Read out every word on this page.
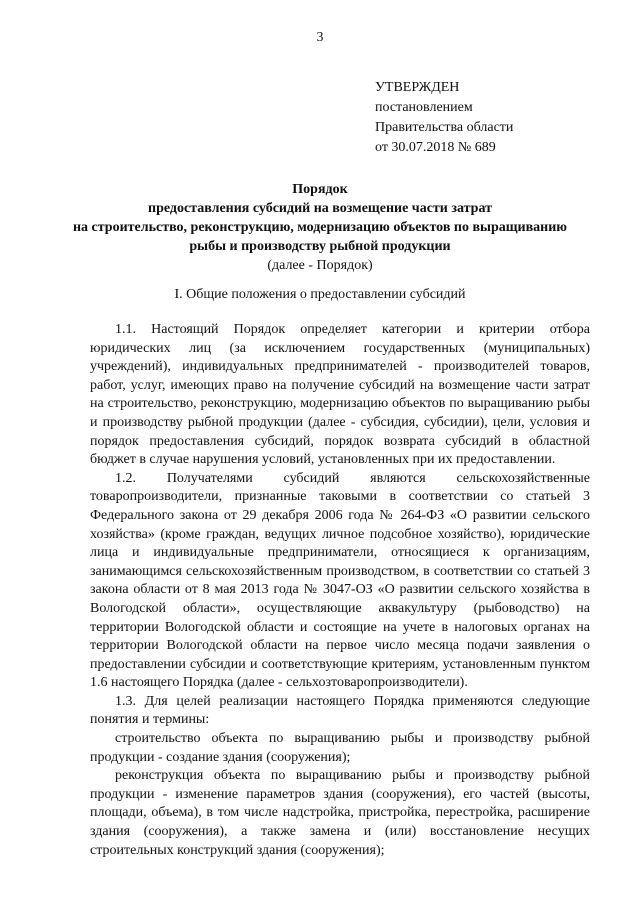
3
УТВЕРЖДЕН
постановлением
Правительства области
от 30.07.2018 № 689
Порядок
предоставления субсидий на возмещение части затрат
на строительство, реконструкцию, модернизацию объектов по выращиванию
рыбы и производству рыбной продукции
(далее - Порядок)
I. Общие положения о предоставлении субсидий

1.1. Настоящий Порядок определяет категории и критерии отбора юридических лиц (за исключением государственных (муниципальных) учреждений), индивидуальных предпринимателей - производителей товаров, работ, услуг, имеющих право на получение субсидий на возмещение части затрат на строительство, реконструкцию, модернизацию объектов по выращиванию рыбы и производству рыбной продукции (далее - субсидия, субсидии), цели, условия и порядок предоставления субсидий, порядок возврата субсидий в областной бюджет в случае нарушения условий, установленных при их предоставлении.

1.2. Получателями субсидий являются сельскохозяйственные товаропроизводители, признанные таковыми в соответствии со статьей 3 Федерального закона от 29 декабря 2006 года № 264-ФЗ «О развитии сельского хозяйства» (кроме граждан, ведущих личное подсобное хозяйство), юридические лица и индивидуальные предприниматели, относящиеся к организациям, занимающимся сельскохозяйственным производством, в соответствии со статьей 3 закона области от 8 мая 2013 года № 3047-ОЗ «О развитии сельского хозяйства в Вологодской области», осуществляющие аквакультуру (рыбоводство) на территории Вологодской области и состоящие на учете в налоговых органах на территории Вологодской области на первое число месяца подачи заявления о предоставлении субсидии и соответствующие критериям, установленным пунктом 1.6 настоящего Порядка (далее - сельхозтоваропроизводители).

1.3. Для целей реализации настоящего Порядка применяются следующие понятия и термины:

строительство объекта по выращиванию рыбы и производству рыбной продукции - создание здания (сооружения);

реконструкция объекта по выращиванию рыбы и производству рыбной продукции - изменение параметров здания (сооружения), его частей (высоты, площади, объема), в том числе надстройка, пристройка, перестройка, расширение здания (сооружения), а также замена и (или) восстановление несущих строительных конструкций здания (сооружения);
